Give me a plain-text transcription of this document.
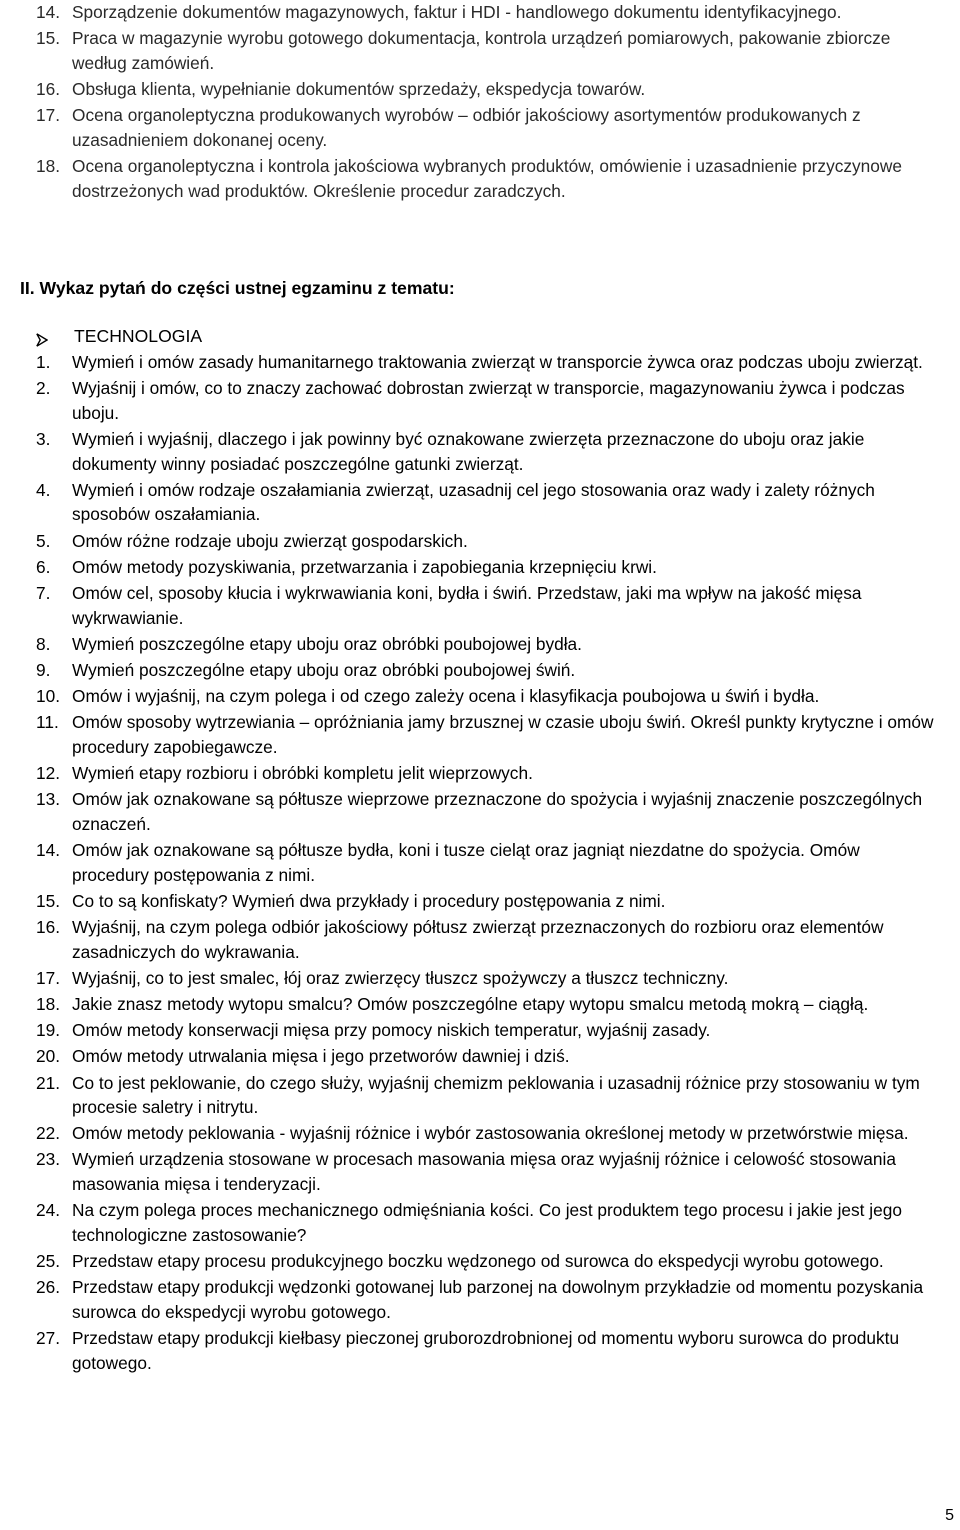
14. Sporządzenie dokumentów magazynowych, faktur i HDI - handlowego dokumentu identyfikacyjnego.
15. Praca w magazynie wyrobu gotowego dokumentacja, kontrola urządzeń pomiarowych, pakowanie zbiorcze według zamówień.
16. Obsługa klienta, wypełnianie dokumentów sprzedaży, ekspedycja towarów.
17. Ocena organoleptyczna produkowanych wyrobów – odbiór jakościowy asortymentów produkowanych z uzasadnieniem dokonanej oceny.
18. Ocena organoleptyczna i kontrola jakościowa wybranych produktów, omówienie i uzasadnienie przyczynowe dostrzeżonych wad produktów. Określenie procedur zaradczych.
II. Wykaz pytań do części ustnej egzaminu z tematu:
TECHNOLOGIA
1. Wymień i omów zasady humanitarnego traktowania zwierząt w transporcie żywca oraz podczas uboju zwierząt.
2. Wyjaśnij i omów, co to znaczy zachować dobrostan zwierząt w transporcie, magazynowaniu żywca i podczas uboju.
3. Wymień i wyjaśnij, dlaczego i jak powinny być oznakowane zwierzęta przeznaczone do uboju oraz jakie dokumenty winny posiadać poszczególne gatunki zwierząt.
4. Wymień i omów rodzaje oszałamiania zwierząt, uzasadnij cel jego stosowania oraz wady i zalety różnych sposobów oszałamiania.
5. Omów różne rodzaje uboju zwierząt gospodarskich.
6. Omów metody pozyskiwania, przetwarzania i zapobiegania krzepnięciu krwi.
7. Omów cel, sposoby kłucia i wykrwawiania koni, bydła i świń. Przedstaw, jaki ma wpływ na jakość mięsa wykrwawianie.
8. Wymień poszczególne etapy uboju oraz obróbki poubojowej bydła.
9. Wymień poszczególne etapy uboju oraz obróbki poubojowej świń.
10. Omów i wyjaśnij, na czym polega i od czego zależy ocena i klasyfikacja poubojowa u świń i bydła.
11. Omów sposoby wytrzewiania – opróżniania jamy brzusznej w czasie uboju świń. Określ punkty krytyczne i omów procedury zapobiegawcze.
12. Wymień etapy rozbioru i obróbki kompletu jelit wieprzowych.
13. Omów jak oznakowane są półtusze wieprzowe przeznaczone do spożycia i wyjaśnij znaczenie poszczególnych oznaczeń.
14. Omów jak oznakowane są półtusze bydła, koni i tusze cieląt oraz jagniąt niezdatne do spożycia. Omów procedury postępowania z nimi.
15. Co to są konfiskaty? Wymień dwa przykłady i procedury postępowania z nimi.
16. Wyjaśnij, na czym polega odbiór jakościowy półtusz zwierząt przeznaczonych do rozbioru oraz elementów zasadniczych do wykrawania.
17. Wyjaśnij, co to jest smalec, łój oraz zwierzęcy tłuszcz spożywczy a tłuszcz techniczny.
18. Jakie znasz metody wytopu smalcu? Omów poszczególne etapy wytopu smalcu metodą mokrą – ciągłą.
19. Omów metody konserwacji mięsa przy pomocy niskich temperatur, wyjaśnij zasady.
20. Omów metody utrwalania mięsa i jego przetworów dawniej i dziś.
21. Co to jest peklowanie, do czego służy, wyjaśnij chemizm peklowania i uzasadnij różnice przy stosowaniu w tym procesie saletry i nitrytu.
22. Omów metody peklowania - wyjaśnij różnice i wybór zastosowania określonej metody w przetwórstwie mięsa.
23. Wymień urządzenia stosowane w procesach masowania mięsa oraz wyjaśnij różnice i celowość stosowania masowania mięsa i tenderyzacji.
24. Na czym polega proces mechanicznego odmięśniania kości. Co jest produktem tego procesu i jakie jest jego technologiczne zastosowanie?
25. Przedstaw etapy procesu produkcyjnego boczku wędzonego od surowca do ekspedycji wyrobu gotowego.
26. Przedstaw etapy produkcji wędzonki gotowanej lub parzonej na dowolnym przykładzie od momentu pozyskania surowca do ekspedycji wyrobu gotowego.
27. Przedstaw etapy produkcji kiełbasy pieczonej gruborozdrobnionej od momentu wyboru surowca do produktu gotowego.
5
